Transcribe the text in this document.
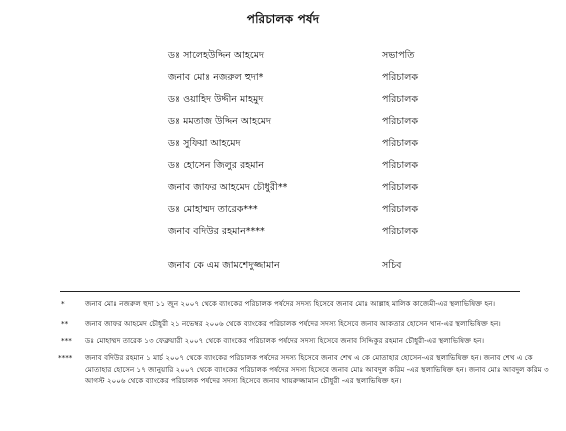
পরিচালক পর্ষদ
ডঃ সালেহউদ্দিন আহমেদ	সভাপতি
জনাব মোঃ নজরুল হুদা*	পরিচালক
ডঃ ওয়াহিদ উদ্দীন মাহমুদ	পরিচালক
ডঃ মমতাজ উদ্দিন আহমেদ	পরিচালক
ডঃ সুফিয়া আহমেদ	পরিচালক
ডঃ হোসেন জিলুর রহমান	পরিচালক
জনাব জাফর আহমেদ চৌধুরী**	পরিচালক
ডঃ মোহাম্মদ তারেক***	পরিচালক
জনাব বদিউর রহমান****	পরিচালক
জনাব কে এম জামশেদুজ্জামান	সচিব
*	জনাব মোঃ নজরুল হুদা ১১ জুন ২০০৭ থেকে ব্যাংকের পরিচালক পর্ষদের সদস্য হিসেবে জনাব মোঃ আল্লাহ মালিক কাজেমী-এর স্থলাভিষিক্ত হন।
** জনাব জাফর আহমেদ চৌধুরী ২১ নভেম্বর ২০০৬ থেকে ব্যাংকের পরিচালক পর্ষদের সদস্য হিসেবে জনাব আকতার হোসেন খান-এর স্থলাভিষিক্ত হন।
*** ডঃ মোহাম্মদ তারেক ১৩ ফেব্রুয়ারী ২০০৭ থেকে ব্যাংকের পরিচালক পর্ষদের সদস্য হিসেবে জনাব সিদ্দিকুর রহমান চৌধুরী-এর স্থলাভিষিক্ত হন।
**** জনাব বদিউর রহমান ১ মার্চ ২০০৭ থেকে ব্যাংকের পরিচালক পর্ষদের সদস্য হিসেবে জনাব শেখ এ কে মোতাহার হোসেন-এর স্থলাভিষিক্ত হন। জনাব শেখ এ কে মোতাহার হোসেন ১৭ জানুয়ারি ২০০৭ থেকে ব্যাংকের পরিচালক পর্ষদের সদস্য হিসেবে জনাব মোঃ আবদুল করিম -এর স্থলাভিষিক্ত হন। জনাব মোঃ আবদুল করিম ৩ আগস্ট ২০০৬ থেকে ব্যাংকের পরিচালক পর্ষদের সদস্য হিসেবে জনাব খায়রুজ্জামান চৌধুরী -এর স্থলাভিষিক্ত হন।
